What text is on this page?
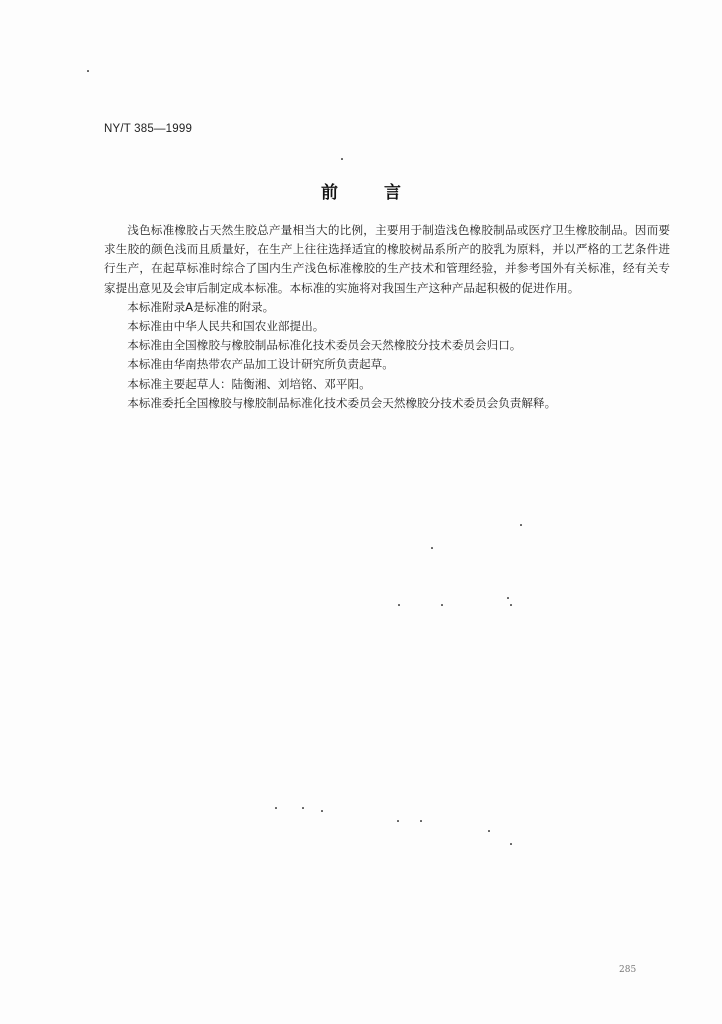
NY/T 385—1999
前言

浅色标准橡胶占天然生胶总产量相当大的比例，主要用于制造浅色橡胶制品或医疗卫生橡胶制品。因而要求生胶的颜色浅而且质量好，在生产上往往选择适宜的橡胶树品系所产的胶乳为原料，并以严格的工艺条件进行生产，在起草标准时综合了国内生产浅色标准橡胶的生产技术和管理经验，并参考国外有关标准，经有关专家提出意见及会审后制定成本标准。本标准的实施将对我国生产这种产品起积极的促进作用。

本标准附录A是标准的附录。

本标准由中华人民共和国农业部提出。

本标准由全国橡胶与橡胶制品标准化技术委员会天然橡胶分技术委员会归口。

本标准由华南热带农产品加工设计研究所负责起草。

本标准主要起草人：陆衡湘、刘培铭、邓平阳。

本标准委托全国橡胶与橡胶制品标准化技术委员会天然橡胶分技术委员会负责解释。

285
